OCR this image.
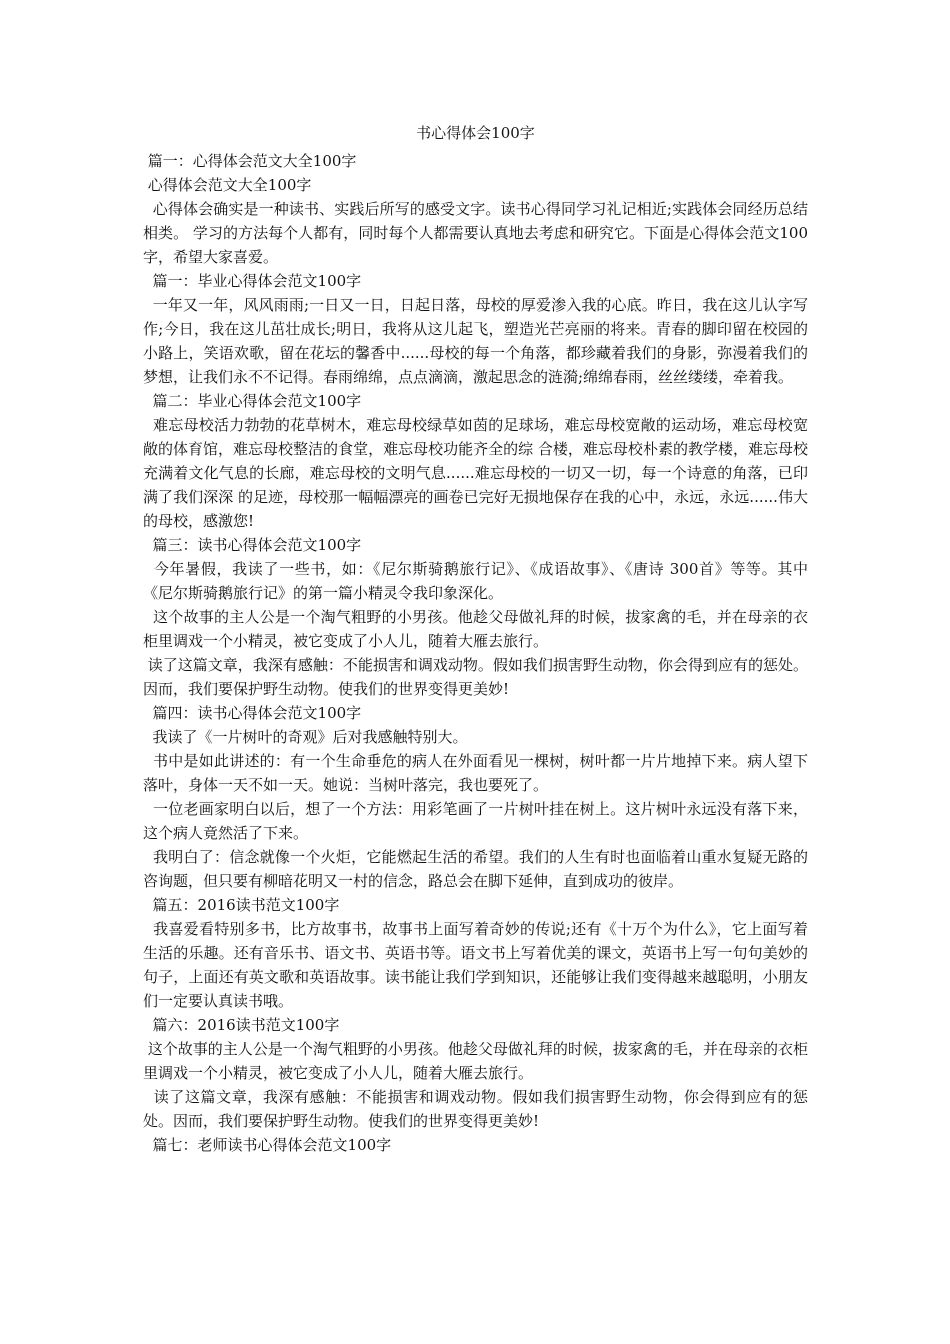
书心得体会100字
篇一：心得体会范文大全100字
心得体会范文大全100字
心得体会确实是一种读书、实践后所写的感受文字。读书心得同学习礼记相近;实践体会同经历总结相类。 学习的方法每个人都有，同时每个人都需要认真地去考虑和研究它。下面是心得体会范文100字，希望大家喜爱。
篇一：毕业心得体会范文100字
一年又一年，风风雨雨;一日又一日，日起日落，母校的厚爱渗入我的心底。昨日，我在这儿认字写作;今日，我在这儿茁壮成长;明日，我将从这儿起飞，塑造光芒亮丽的将来。青春的脚印留在校园的小路上，笑语欢歌，留在花坛的馨香中......母校的每一个角落，都珍藏着我们的身影，弥漫着我们的梦想，让我们永不不记得。春雨绵绵，点点滴滴，激起思念的涟漪;绵绵春雨，丝丝缕缕，牵着我。
篇二：毕业心得体会范文100字
难忘母校活力勃勃的花草树木，难忘母校绿草如茵的足球场，难忘母校宽敞的运动场，难忘母校宽敞的体育馆，难忘母校整洁的食堂，难忘母校功能齐全的综 合楼，难忘母校朴素的教学楼，难忘母校充满着文化气息的长廊，难忘母校的文明气息......难忘母校的一切又一切，每一个诗意的角落，已印满了我们深深 的足迹，母校那一幅幅漂亮的画卷已完好无损地保存在我的心中，永远，永远......伟大的母校，感激您!
篇三：读书心得体会范文100字
今年暑假，我读了一些书，如：《尼尔斯骑鹅旅行记》、《成语故事》、《唐诗 300首》等等。其中《尼尔斯骑鹅旅行记》的第一篇小精灵令我印象深化。
这个故事的主人公是一个淘气粗野的小男孩。他趁父母做礼拜的时候，拔家禽的毛，并在母亲的衣柜里调戏一个小精灵，被它变成了小人儿，随着大雁去旅行。
读了这篇文章，我深有感触：不能损害和调戏动物。假如我们损害野生动物，你会得到应有的惩处。因而，我们要保护野生动物。使我们的世界变得更美妙!
篇四：读书心得体会范文100字
我读了《一片树叶的奇观》后对我感触特别大。
书中是如此讲述的：有一个生命垂危的病人在外面看见一棵树，树叶都一片片地掉下来。病人望下落叶，身体一天不如一天。她说：当树叶落完，我也要死了。
一位老画家明白以后，想了一个方法：用彩笔画了一片树叶挂在树上。这片树叶永远没有落下来，这个病人竟然活了下来。
我明白了：信念就像一个火炬，它能燃起生活的希望。我们的人生有时也面临着山重水复疑无路的咨询题，但只要有柳暗花明又一村的信念，路总会在脚下延伸，直到成功的彼岸。
篇五：2016读书范文100字
我喜爱看特别多书，比方故事书，故事书上面写着奇妙的传说;还有《十万个为什么》，它上面写着生活的乐趣。还有音乐书、语文书、英语书等。语文书上写着优美的课文，英语书上写一句句美妙的句子，上面还有英文歌和英语故事。读书能让我们学到知识，还能够让我们变得越来越聪明，小朋友们一定要认真读书哦。
篇六：2016读书范文100字
这个故事的主人公是一个淘气粗野的小男孩。他趁父母做礼拜的时候，拔家禽的毛，并在母亲的衣柜里调戏一个小精灵，被它变成了小人儿，随着大雁去旅行。
读了这篇文章，我深有感触：不能损害和调戏动物。假如我们损害野生动物，你会得到应有的惩处。因而，我们要保护野生动物。使我们的世界变得更美妙!
篇七：老师读书心得体会范文100字
